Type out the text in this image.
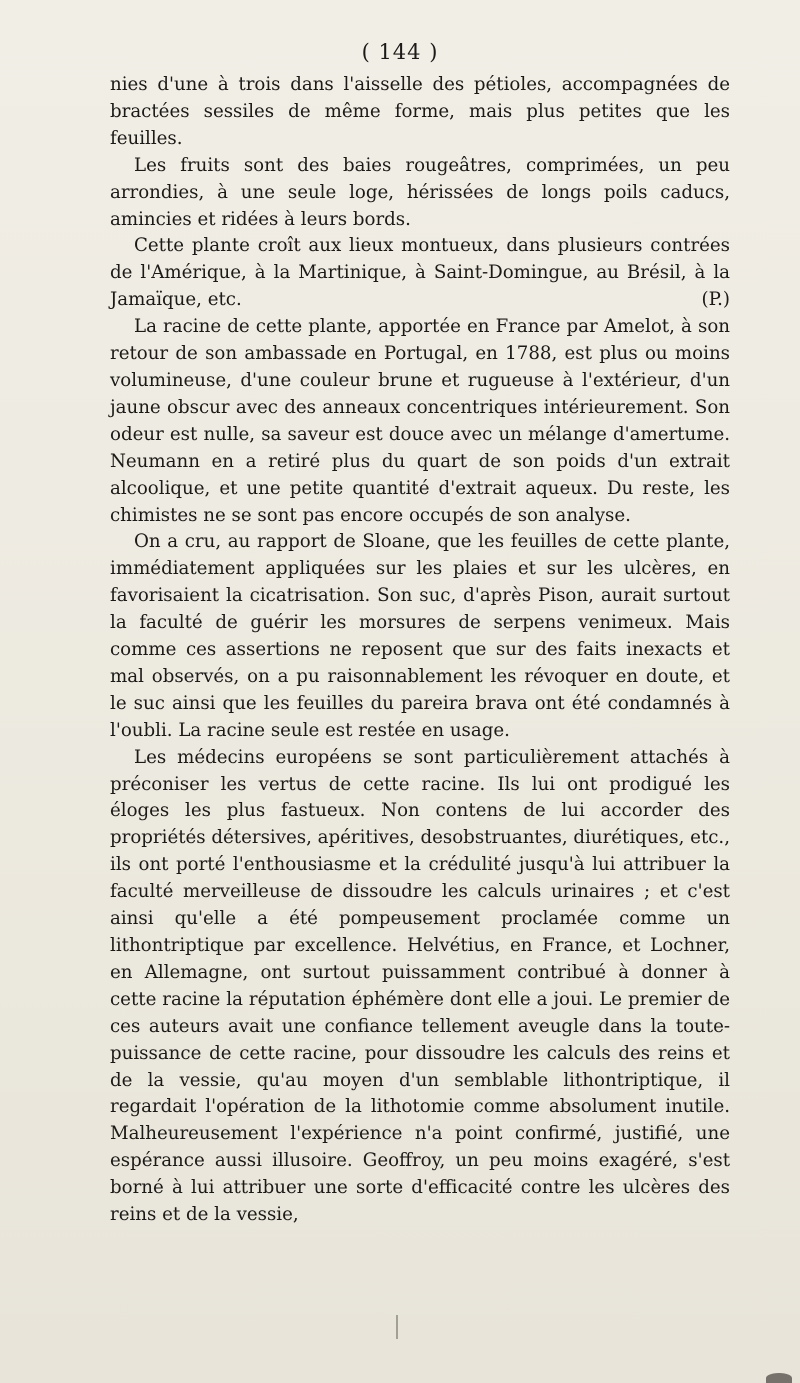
( 144 )

nies d'une à trois dans l'aisselle des pétioles, accompagnées de bractées sessiles de même forme, mais plus petites que les feuilles.

Les fruits sont des baies rougeâtres, comprimées, un peu arrondies, à une seule loge, hérissées de longs poils caducs, amincies et ridées à leurs bords.

Cette plante croît aux lieux montueux, dans plusieurs contrées de l'Amérique, à la Martinique, à Saint-Domingue, au Brésil, à la Jamaïque, etc.	(P.)

La racine de cette plante, apportée en France par Amelot, à son retour de son ambassade en Portugal, en 1788, est plus ou moins volumineuse, d'une couleur brune et rugueuse à l'extérieur, d'un jaune obscur avec des anneaux concentriques intérieurement. Son odeur est nulle, sa saveur est douce avec un mélange d'amertume. Neumann en a retiré plus du quart de son poids d'un extrait alcoolique, et une petite quantité d'extrait aqueux. Du reste, les chimistes ne se sont pas encore occupés de son analyse.

On a cru, au rapport de Sloane, que les feuilles de cette plante, immédiatement appliquées sur les plaies et sur les ulcères, en favorisaient la cicatrisation. Son suc, d'après Pison, aurait surtout la faculté de guérir les morsures de serpens venimeux. Mais comme ces assertions ne reposent que sur des faits inexacts et mal observés, on a pu raisonnablement les révoquer en doute, et le suc ainsi que les feuilles du pareira brava ont été condamnés à l'oubli. La racine seule est restée en usage.

Les médecins européens se sont particulièrement attachés à préconiser les vertus de cette racine. Ils lui ont prodigué les éloges les plus fastueux. Non contens de lui accorder des propriétés détersives, apéritives, desobstruantes, diurétiques, etc., ils ont porté l'enthousiasme et la crédulité jusqu'à lui attribuer la faculté merveilleuse de dissoudre les calculs urinaires ; et c'est ainsi qu'elle a été pompeusement proclamée comme un lithontriptique par excellence. Helvétius, en France, et Lochner, en Allemagne, ont surtout puissamment contribué à donner à cette racine la réputation éphémère dont elle a joui. Le premier de ces auteurs avait une confiance tellement aveugle dans la toute-puissance de cette racine, pour dissoudre les calculs des reins et de la vessie, qu'au moyen d'un semblable lithontriptique, il regardait l'opération de la lithotomie comme absolument inutile. Malheureusement l'expérience n'a point confirmé, justifié, une espérance aussi illusoire. Geoffroy, un peu moins exagéré, s'est borné à lui attribuer une sorte d'efficacité contre les ulcères des reins et de la vessie,
